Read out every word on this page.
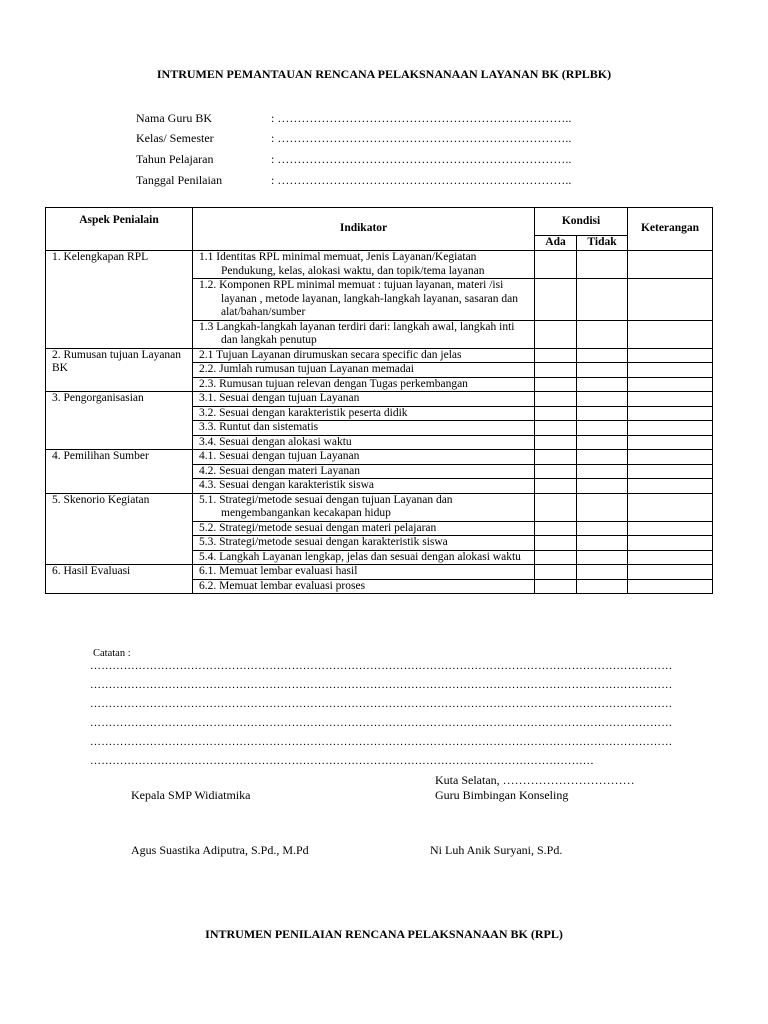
INTRUMEN PEMANTAUAN RENCANA PELAKSNANAAN LAYANAN BK (RPLBK)
Nama Guru BK	: ………………………………………………………………..
Kelas/ Semester	: ………………………………………………………………..
Tahun Pelajaran	: ………………………………………………………………..
Tanggal Penilaian	: ………………………………………………………………..
Aspek Penialain	Indikator	Kondisi		Keterangan
		Ada	Tidak	
1. Kelengkapan RPL	1.1 Identitas RPL minimal memuat, Jenis Layanan/Kegiatan Pendukung, kelas, alokasi waktu, dan topik/tema layanan			
	1.2. Komponen RPL minimal memuat : tujuan layanan, materi /isi layanan , metode layanan, langkah-langkah layanan, sasaran dan alat/bahan/sumber			
	1.3 Langkah-langkah layanan terdiri dari: langkah awal, langkah inti dan langkah penutup			
2. Rumusan tujuan Layanan BK	2.1 Tujuan Layanan dirumuskan secara specific dan jelas			
	2.2. Jumlah rumusan tujuan Layanan memadai			
	2.3. Rumusan tujuan relevan dengan Tugas perkembangan			
3. Pengorganisasian	3.1. Sesuai dengan tujuan Layanan			
	3.2. Sesuai dengan karakteristik peserta didik			
	3.3. Runtut dan sistematis			
	3.4. Sesuai dengan alokasi waktu			
4. Pemilihan Sumber	4.1. Sesuai dengan tujuan Layanan			
	4.2. Sesuai dengan materi Layanan			
	4.3. Sesuai dengan karakteristik siswa			
5. Skenorio Kegiatan	5.1. Strategi/metode sesuai dengan tujuan Layanan dan mengembangankan kecakapan hidup			
	5.2. Strategi/metode sesuai dengan materi pelajaran			
	5.3. Strategi/metode sesuai dengan karakteristik siswa			
	5.4. Langkah Layanan lengkap, jelas dan sesuai dengan alokasi waktu			
6. Hasil Evaluasi	6.1. Memuat lembar evaluasi hasil			
	6.2. Memuat lembar evaluasi proses			
Catatan :
…………………………………………………………………………………………………………………………………………
…………………………………………………………………………………………………………………………………………
…………………………………………………………………………………………………………………………………………
…………………………………………………………………………………………………………………………………………
…………………………………………………………………………………………………………………………………………
………………………………………………………………………………………………………………………
Kuta Selatan, ……………………………
Kepala SMP Widiatmika	Guru Bimbingan Konseling
Agus Suastika Adiputra, S.Pd., M.Pd	Ni Luh Anik Suryani, S.Pd.
INTRUMEN PENILAIAN RENCANA PELAKSNANAAN BK (RPL)
